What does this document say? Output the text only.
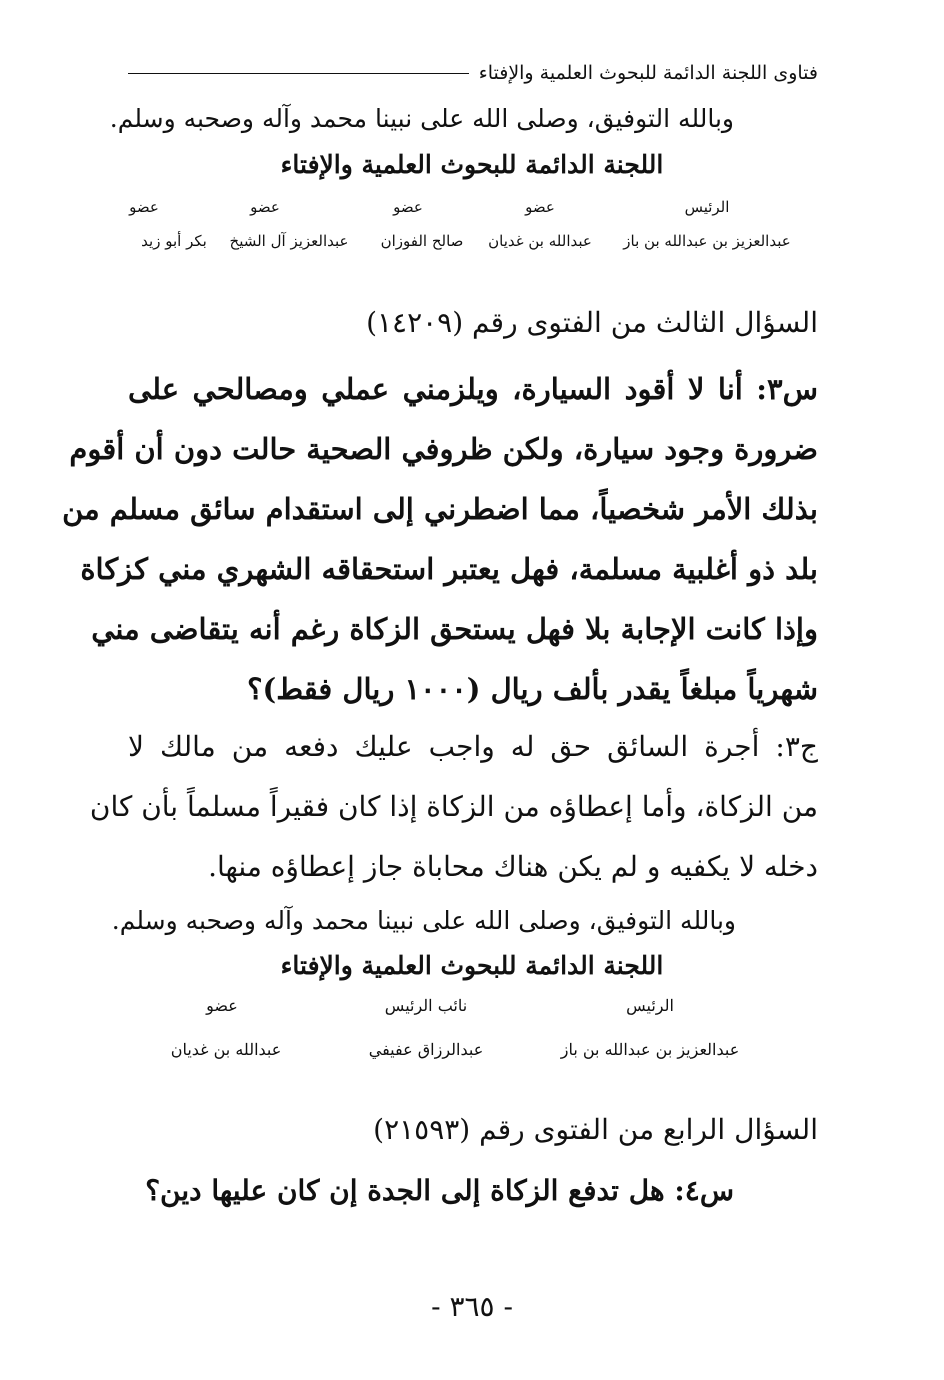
فتاوى اللجنة الدائمة للبحوث العلمية والإفتاء
وبالله التوفيق، وصلى الله على نبينا محمد وآله وصحبه وسلم.
اللجنة الدائمة للبحوث العلمية والإفتاء
عضو
بكر أبو زيد
عضو
عبدالعزيز آل الشيخ
عضو
صالح الفوزان
عضو
عبدالله بن غديان
الرئيس
عبدالعزيز بن عبدالله بن باز
السؤال الثالث من الفتوى رقم (١٤٢٠٩)
س٣: أنا لا أقود السيارة، ويلزمني عملي ومصالحي على
ضرورة وجود سيارة، ولكن ظروفي الصحية حالت دون أن أقوم
بذلك الأمر شخصياً، مما اضطرني إلى استقدام سائق مسلم من
بلد ذو أغلبية مسلمة، فهل يعتبر استحقاقه الشهري مني كزكاة
وإذا كانت الإجابة بلا فهل يستحق الزكاة رغم أنه يتقاضى مني
شهرياً مبلغاً يقدر بألف ريال (١٠٠٠ ريال فقط)؟
ج٣: أجرة السائق حق له واجب عليك دفعه من مالك لا
من الزكاة، وأما إعطاؤه من الزكاة إذا كان فقيراً مسلماً بأن كان
دخله لا يكفيه و لم يكن هناك محاباة جاز إعطاؤه منها.
وبالله التوفيق، وصلى الله على نبينا محمد وآله وصحبه وسلم.
اللجنة الدائمة للبحوث العلمية والإفتاء
عضو
عبدالله بن غديان
نائب الرئيس
عبدالرزاق عفيفي
الرئيس
عبدالعزيز بن عبدالله بن باز
السؤال الرابع من الفتوى رقم (٢١٥٩٣)
س٤: هل تدفع الزكاة إلى الجدة إن كان عليها دين؟
- ٣٦٥ -
